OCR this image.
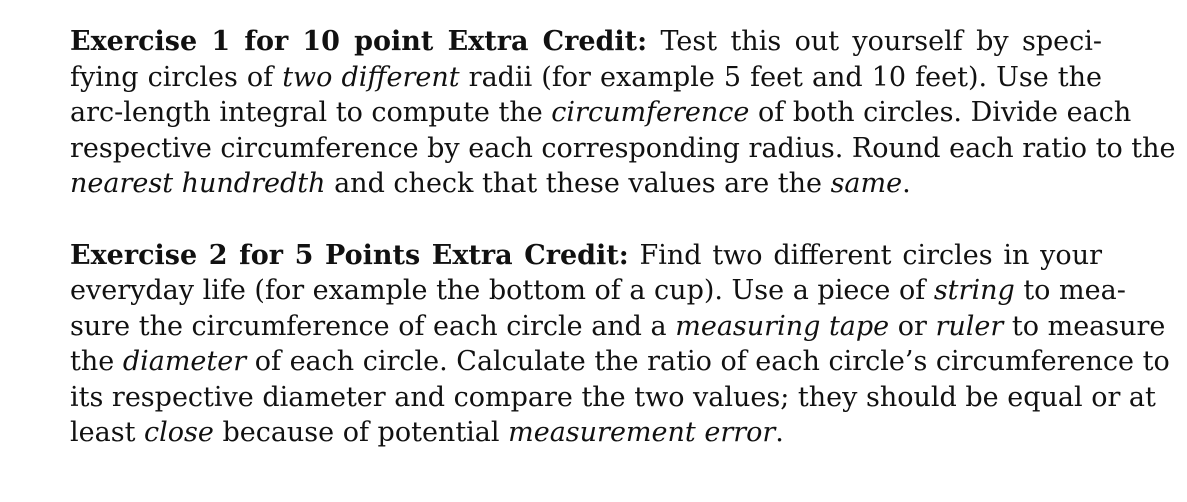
Exercise 1 for 10 point Extra Credit: Test this out yourself by speci-
fying circles of two different radii (for example 5 feet and 10 feet). Use the
arc-length integral to compute the circumference of both circles. Divide each
respective circumference by each corresponding radius. Round each ratio to the
nearest hundredth and check that these values are the same.

Exercise 2 for 5 Points Extra Credit: Find two different circles in your
everyday life (for example the bottom of a cup). Use a piece of string to mea-
sure the circumference of each circle and a measuring tape or ruler to measure
the diameter of each circle. Calculate the ratio of each circle’s circumference to
its respective diameter and compare the two values; they should be equal or at
least close because of potential measurement error.
